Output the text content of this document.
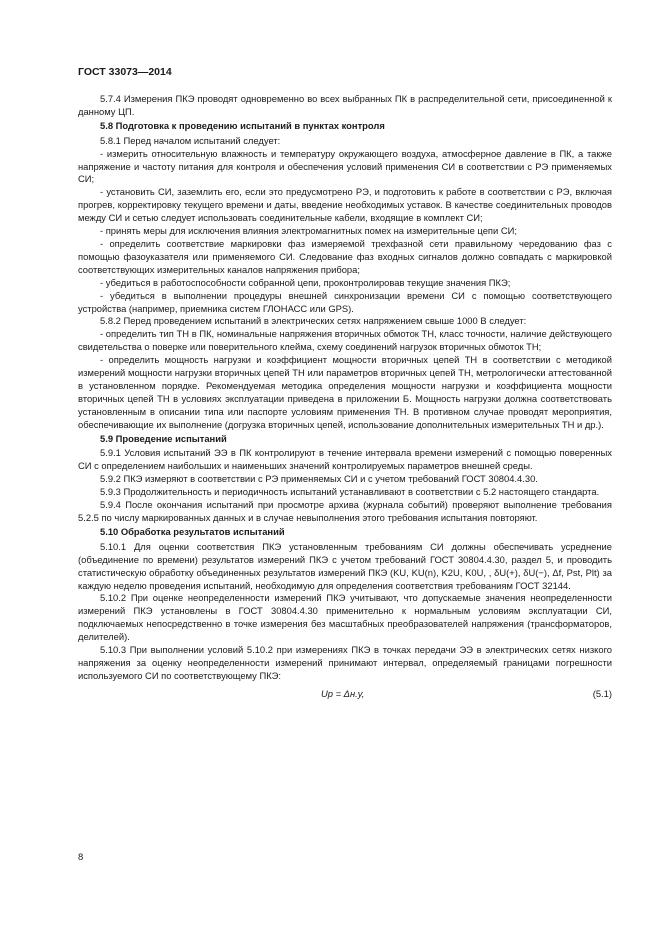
ГОСТ 33073—2014

5.7.4 Измерения ПКЭ проводят одновременно во всех выбранных ПК в распределительной сети, присоединенной к данному ЦП.

5.8 Подготовка к проведению испытаний в пунктах контроля

5.8.1 Перед началом испытаний следует:

- измерить относительную влажность и температуру окружающего воздуха, атмосферное давление в ПК, а также напряжение и частоту питания для контроля и обеспечения условий применения СИ в соответствии с РЭ применяемых СИ;

- установить СИ, заземлить его, если это предусмотрено РЭ, и подготовить к работе в соответствии с РЭ, включая прогрев, корректировку текущего времени и даты, введение необходимых уставок. В качестве соединительных проводов между СИ и сетью следует использовать соединительные кабели, входящие в комплект СИ;

- принять меры для исключения влияния электромагнитных помех на измерительные цепи СИ;

- определить соответствие маркировки фаз измеряемой трехфазной сети правильному чередованию фаз с помощью фазоуказателя или применяемого СИ. Следование фаз входных сигналов должно совпадать с маркировкой соответствующих измерительных каналов напряжения прибора;

- убедиться в работоспособности собранной цепи, проконтролировав текущие значения ПКЭ;

- убедиться в выполнении процедуры внешней синхронизации времени СИ с помощью соответствующего устройства (например, приемника систем ГЛОНАСС или GPS).

5.8.2 Перед проведением испытаний в электрических сетях напряжением свыше 1000 В следует:

- определить тип ТН в ПК, номинальные напряжения вторичных обмоток ТН, класс точности, наличие действующего свидетельства о поверке или поверительного клейма, схему соединений нагрузок вторичных обмоток ТН;

- определить мощность нагрузки и коэффициент мощности вторичных цепей ТН в соответствии с методикой измерений мощности нагрузки вторичных цепей ТН или параметров вторичных цепей ТН, метрологически аттестованной в установленном порядке. Рекомендуемая методика определения мощности нагрузки и коэффициента мощности вторичных цепей ТН в условиях эксплуатации приведена в приложении Б. Мощность нагрузки должна соответствовать установленным в описании типа или паспорте условиям применения ТН. В противном случае проводят мероприятия, обеспечивающие их выполнение (догрузка вторичных цепей, использование дополнительных измерительных ТН и др.).

5.9 Проведение испытаний

5.9.1 Условия испытаний ЭЭ в ПК контролируют в течение интервала времени измерений с помощью поверенных СИ с определением наибольших и наименьших значений контролируемых параметров внешней среды.

5.9.2 ПКЭ измеряют в соответствии с РЭ применяемых СИ и с учетом требований ГОСТ 30804.4.30.

5.9.3 Продолжительность и периодичность испытаний устанавливают в соответствии с 5.2 настоящего стандарта.

5.9.4 После окончания испытаний при просмотре архива (журнала событий) проверяют выполнение требования 5.2.5 по числу маркированных данных и в случае невыполнения этого требования испытания повторяют.

5.10 Обработка результатов испытаний

5.10.1 Для оценки соответствия ПКЭ установленным требованиям СИ должны обеспечивать усреднение (объединение по времени) результатов измерений ПКЭ с учетом требований ГОСТ 30804.4.30, раздел 5, и проводить статистическую обработку объединенных результатов измерений ПКЭ (KU, KU(n), K2U, K0U, , δU(+), δU(−), Δf, Pst, Plt) за каждую неделю проведения испытаний, необходимую для определения соответствия требованиям ГОСТ 32144.

5.10.2 При оценке неопределенности измерений ПКЭ учитывают, что допускаемые значения неопределенности измерений ПКЭ установлены в ГОСТ 30804.4.30 применительно к нормальным условиям эксплуатации СИ, подключаемых непосредственно в точке измерения без масштабных преобразователей напряжения (трансформаторов, делителей).

5.10.3 При выполнении условий 5.10.2 при измерениях ПКЭ в точках передачи ЭЭ в электрических сетях низкого напряжения за оценку неопределенности измерений принимают интервал, определяемый границами погрешности используемого СИ по соответствующему ПКЭ:

Uр = Δн.у,	(5.1)
8
